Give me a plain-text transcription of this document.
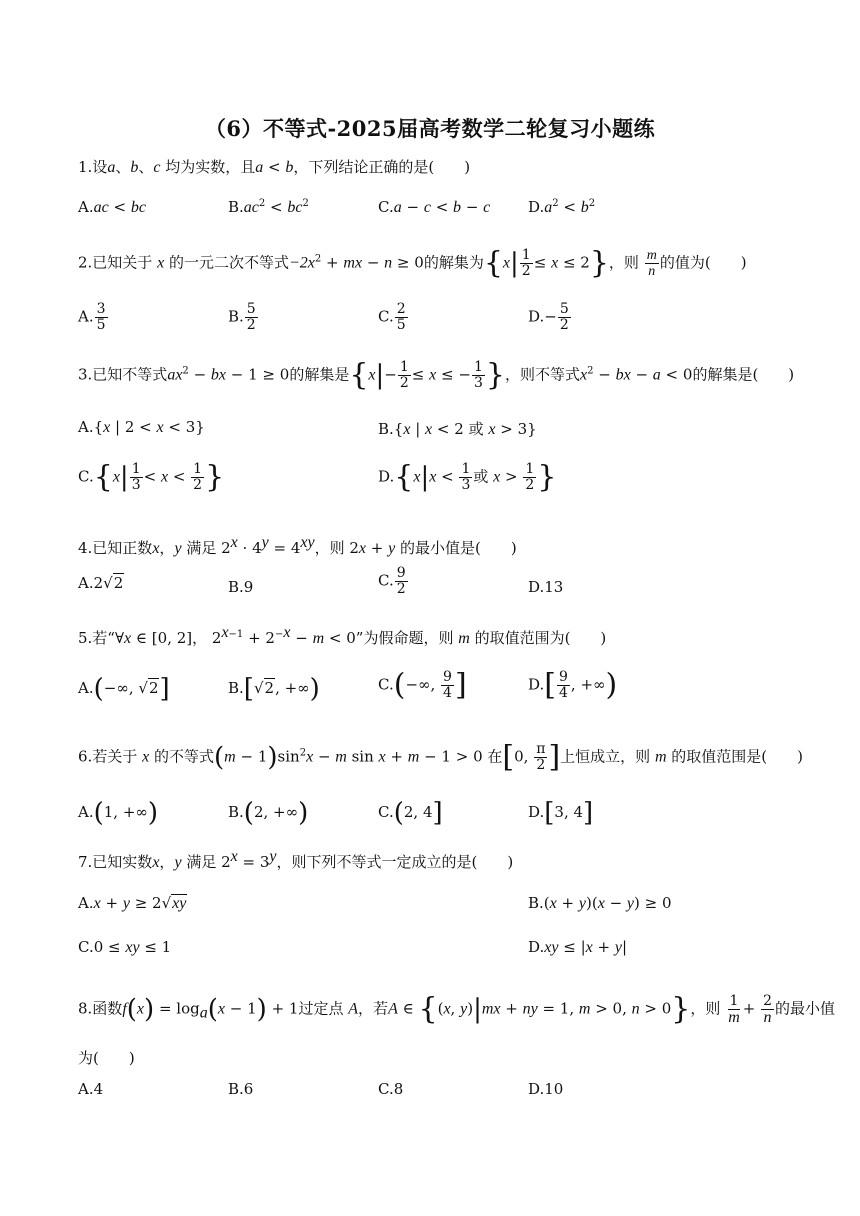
（6）不等式-2025届高考数学二轮复习小题练
1.设a、b、c 均为实数，且a < b，下列结论正确的是(　　)
A.ac < bc	$B.ac^2 < bc^2$	C.a − c < b − c	$D.a^2 < b^2$
2.已知关于 x 的一元二次不等式$-2x^2$ + mx − n ≥ 0的解集为$\{x| \frac{1}{2} \le x \le 2\}$，则 $\frac{m}{n}$ 的值为(　　)
A. $\frac{3}{5}$	B. $\frac{5}{2}$	C. $\frac{2}{5}$	$D.- \frac{5}{2}$
3.已知不等式$ax^2$ − bx − 1 ≥ 0的解集是{$x|- \frac{1}{2} \le x$ ≤ − $\frac{1}{3}$ }，则不等式$x^2$ − bx − a < 0的解集是(　　)
A.{x | 2 < x < 3}	B.{x | x < 2 或 x > 3}
$C.\{x| \frac{1}{3} < x < \frac{1}{2}$ }	$D.\{x|x < \frac{1}{3}$ 或 $x > \frac{1}{2}$ }
4.已知正数x，y 满足 $2^x \cdot 4^y = 4^{xy}$，则 2x + y 的最小值是(　　)
A.2√2	B.9	C. $\frac{9}{2}$	D.13
5.若“∀x ∈ [0, 2]， $2^{x-1} + 2^{-x} - m < 0$”为假命题，则 m 的取值范围为(　　)
A.(−∞, √2]	B.[√2, +∞)	C.(−∞, $\frac{9}{4}$ ]	$D.[ \frac{9}{4}$ , +∞)
6.若关于 x 的不等式$(m - 1)\sin^2x - m$ sin x + m − 1 > 0 在[0, $\frac{\pi}{2}$ ]上恒成立，则 m 的取值范围是(　　)
A.(1, +∞)	B.(2, +∞)	C.(2, 4]	D.[3, 4]
7.已知实数x，y 满足 $2^x = 3^y$，则下列不等式一定成立的是(　　)
A.x + y ≥ 2√xy	B.(x + y)(x − y) ≥ 0
C.0 ≤ xy ≤ 1	D.xy ≤ |x + y|
8.函数$f(x) = \log_a(x - 1) + 1$过定点 A，若A ∈ {(x, y)|mx + ny = 1, m > 0, n > 0}，则 $\frac{1}{m} + \frac{2}{n}$ 的最小值
为(　　)
A.4	B.6	C.8	D.10
